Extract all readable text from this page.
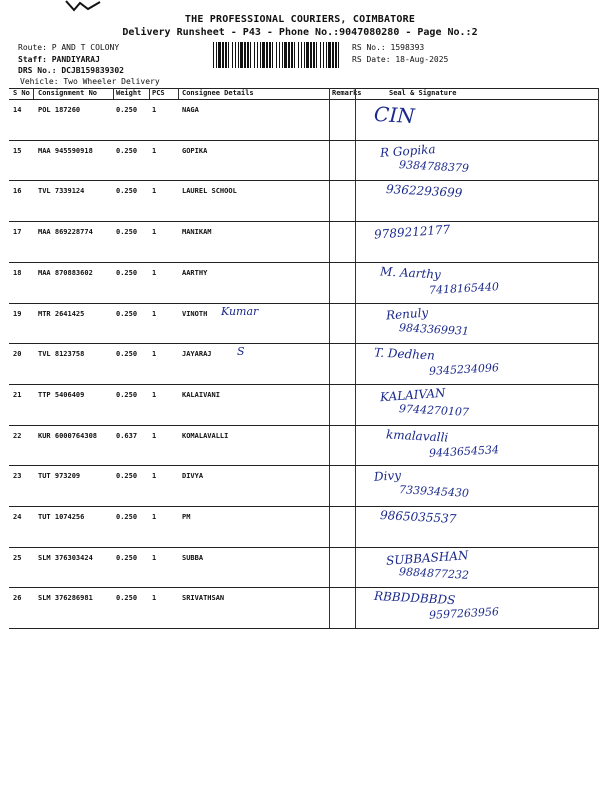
THE PROFESSIONAL COURIERS, COIMBATORE
Delivery Runsheet - P43 - Phone No.:9047080280 - Page No.:2
Route: P AND T COLONY
Staff: PANDIYARAJ
DRS No.: DCJB159839302
RS No.: 1598393
RS Date: 18-Aug-2025
Vehicle: Two Wheeler Delivery
S No Consignment No	Weight PCS Consignee Details	Remarks	Seal & Signature
14 POL 187260	0.250 1	NAGA	CIN
15 MAA 945590918	0.250 1	GOPIKA	R Gopika
9384788379
16 TVL 7339124	0.250 1	LAUREL SCHOOL	9362293699
17 MAA 869228774	0.250 1	MANIKAM	9789212177
18 MAA 870883602	0.250 1	AARTHY	M. Aarthy
7418165440
19 MTR 2641425	0.250 1	VINOTH Kumar	Renuly
9843369931
20 TVL 8123758	0.250 1	JAYARAJ S	T. Dedhen
9345234096
21 TTP 5406409	0.250 1	KALAIVANI	KALAIVAN
9744270107
22 KUR 6000764308	0.637 1	KOMALAVALLI	kmalavalli
9443654534
23 TUT 973209	0.250 1	DIVYA	Divy
7339345430
24 TUT 1074256	0.250 1	PM	9865035537
25 SLM 376303424	0.250 1	SUBBA	SUBBASHAN
9884877232
26 SLM 376286981	0.250 1	SRIVATHSAN	RBBDDBBDS
9597263956
